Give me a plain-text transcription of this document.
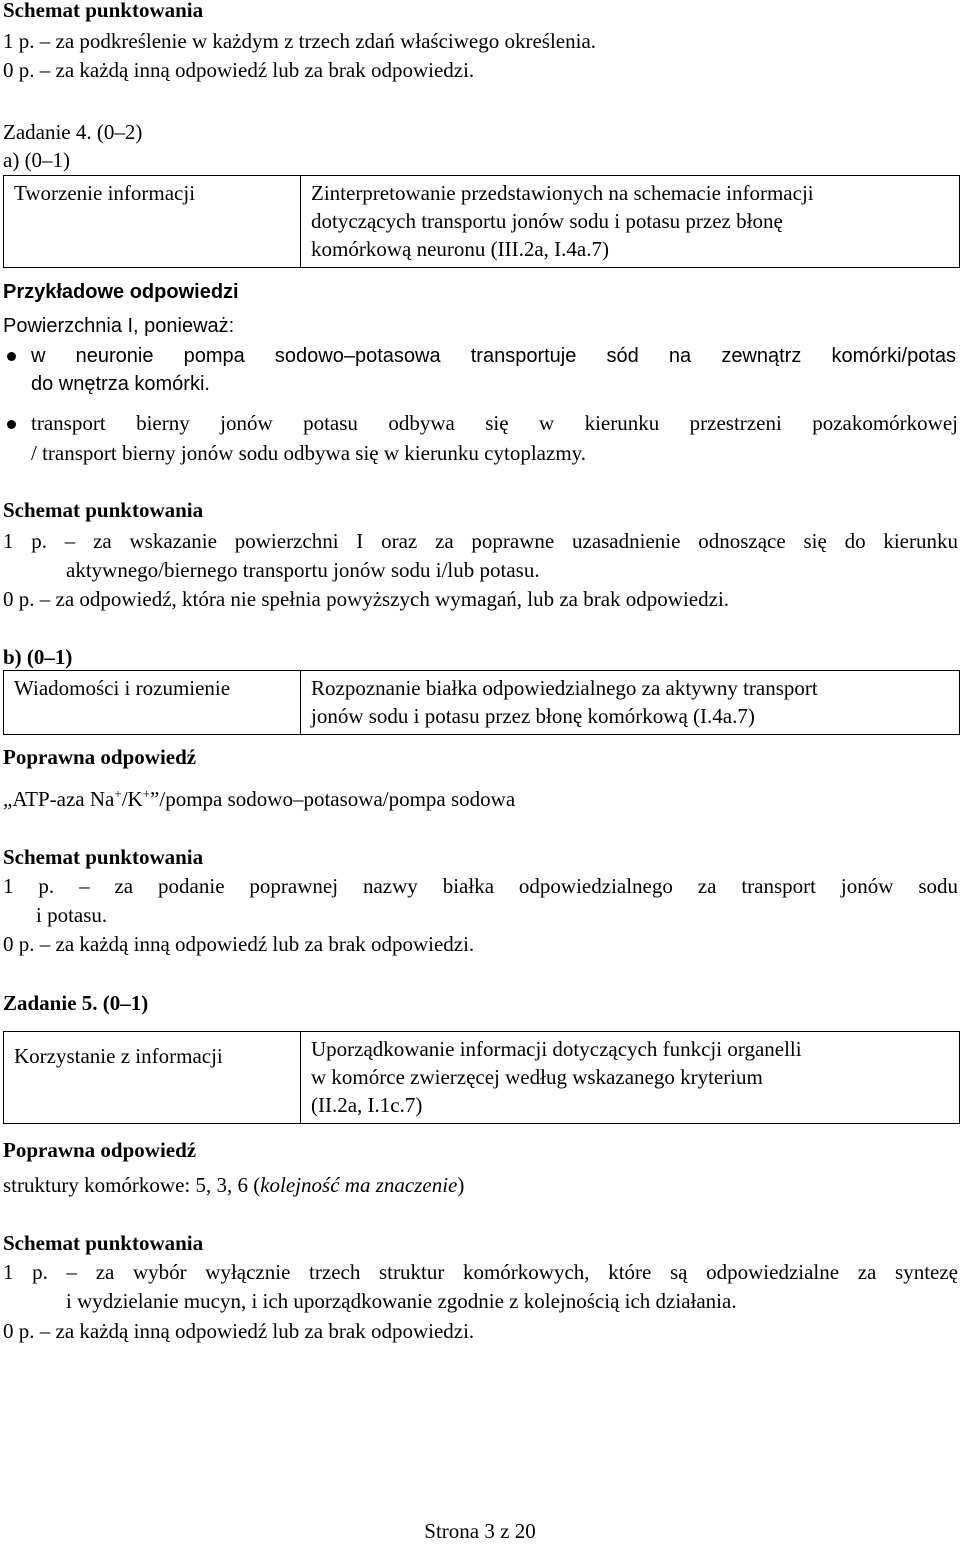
Schemat punktowania
1 p. – za podkreślenie w każdym z trzech zdań właściwego określenia.
0 p. – za każdą inną odpowiedź lub za brak odpowiedzi.
Zadanie 4. (0–2)
a) (0–1)
Tworzenie informacji	Zinterpretowanie przedstawionych na schemacie informacji
dotyczących transportu jonów sodu i potasu przez błonę
komórkową neuronu (III.2a, I.4a.7)
Przykładowe odpowiedzi
Powierzchnia I, ponieważ:
w neuronie pompa sodowo–potasowa transportuje sód na zewnątrz komórki/potas
do wnętrza komórki.
transport bierny jonów potasu odbywa się w kierunku przestrzeni pozakomórkowej
/ transport bierny jonów sodu odbywa się w kierunku cytoplazmy.
Schemat punktowania
1 p. – za wskazanie powierzchni I oraz za poprawne uzasadnienie odnoszące się do kierunku
aktywnego/biernego transportu jonów sodu i/lub potasu.
0 p. – za odpowiedź, która nie spełnia powyższych wymagań, lub za brak odpowiedzi.
b) (0–1)
Wiadomości i rozumienie	Rozpoznanie białka odpowiedzialnego za aktywny transport
jonów sodu i potasu przez błonę komórkową (I.4a.7)
Poprawna odpowiedź
„ATP-aza Na+/K+”/pompa sodowo–potasowa/pompa sodowa
Schemat punktowania
1 p. – za podanie poprawnej nazwy białka odpowiedzialnego za transport jonów sodu
i potasu.
0 p. – za każdą inną odpowiedź lub za brak odpowiedzi.
Zadanie 5. (0–1)
Korzystanie z informacji	Uporządkowanie informacji dotyczących funkcji organelli
w komórce zwierzęcej według wskazanego kryterium
(II.2a, I.1c.7)
Poprawna odpowiedź
struktury komórkowe: 5, 3, 6 (kolejność ma znaczenie)
Schemat punktowania
1 p. – za wybór wyłącznie trzech struktur komórkowych, które są odpowiedzialne za syntezę
i wydzielanie mucyn, i ich uporządkowanie zgodnie z kolejnością ich działania.
0 p. – za każdą inną odpowiedź lub za brak odpowiedzi.
Strona 3 z 20
